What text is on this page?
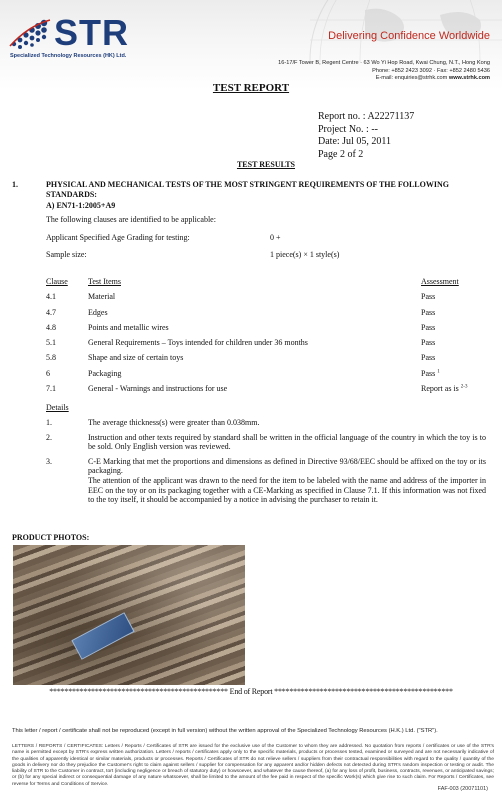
STR
Specialized Technology Resources (HK) Ltd.
Delivering Confidence Worldwide
16-17/F Tower B, Regent Centre · 63 Wo Yi Hop Road, Kwai Chung, N.T., Hong Kong
Phone: +852 2423 3092 · Fax: +852 2480 5436
E-mail: enquiries@strhk.com www.strhk.com
TEST REPORT
Report no. : A22271137
Project No. : --
Date: Jul 05, 2011
Page 2 of 2
TEST RESULTS
1.	PHYSICAL AND MECHANICAL TESTS OF THE MOST STRINGENT REQUIREMENTS OF THE FOLLOWING STANDARDS:
A) EN71-1:2005+A9
The following clauses are identified to be applicable:
Applicant Specified Age Grading for testing:	0 +
Sample size:	1 piece(s) × 1 style(s)
Clause	Test Items	Assessment
4.1	Material	Pass
4.7	Edges	Pass
4.8	Points and metallic wires	Pass
5.1	General Requirements – Toys intended for children under 36 months	Pass
5.8	Shape and size of certain toys	Pass
6	Packaging	Pass $^1$
7.1	General - Warnings and instructions for use	Report as is $^{2-3}$
Details
1.	The average thickness(s) were greater than 0.038mm.
2.	Instruction and other texts required by standard shall be written in the official language of the country in which the toy is to be sold. Only English version was reviewed.
3.	C-E Marking that met the proportions and dimensions as defined in Directive 93/68/EEC should be affixed on the toy or its packaging.
The attention of the applicant was drawn to the need for the item to be labeled with the name and address of the importer in EEC on the toy or on its packaging together with a CE-Marking as specified in Clause 7.1. If this information was not fixed to the toy itself, it should be accompanied by a notice in advising the purchaser to retain it.
PRODUCT PHOTOS:
*********************************************** End of Report ***********************************************
This letter / report / certificate shall not be reproduced (except in full version) without the written approval of the Specialized Technology Resources (H.K.) Ltd. ("STR").
LETTERS / REPORTS / CERTIFICATES: Letters / Reports / Certificates of STR are issued for the exclusive use of the Customer to whom they are addressed. No quotation from reports / certificates or use of the STR's name is permitted except by STR's express written authorization. Letters / reports / certificates apply only to the specific materials, products or processes tested, examined or surveyed and are not necessarily indicative of the qualities of apparently identical or similar materials, products or processes. Reports / Certificates of STR do not relieve sellers / suppliers from their contractual responsibilities with regard to the quality / quantity of the goods in delivery nor do they prejudice the Customer's right to claim against sellers / supplier for compensation for any apparent and/or hidden defects not detected during STR's random inspection or testing or audit. The liability of STR to the Customer in contract, tort (including negligence or breach of statutory duty) or howsoever, and whatever the cause thereof, (a) for any loss of profit, business, contracts, revenues, or anticipated savings; or (b) for any special indirect or consequential damage of any nature whatsoever, shall be limited to the amount of the fee paid in respect of the specific Work(s) which give rise to such claim. For Reports / Certificates, see reverse for Terms and Conditions of Service.
FAF-003 (20071101)
